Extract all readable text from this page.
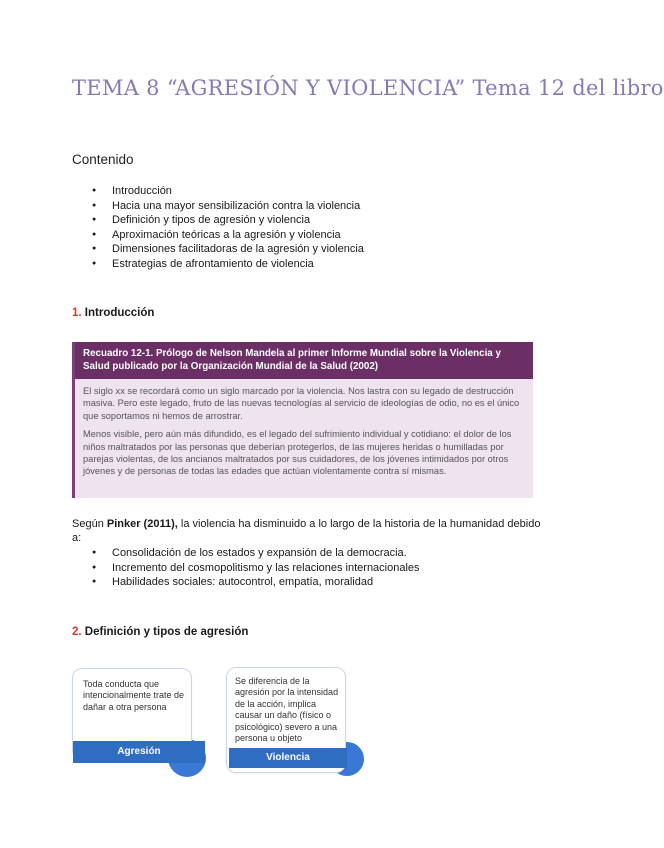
TEMA 8 “AGRESIÓN Y VIOLENCIA” Tema 12 del libro
Contenido
● Introducción
● Hacia una mayor sensibilización contra la violencia
● Definición y tipos de agresión y violencia
● Aproximación teóricas a la agresión y violencia
● Dimensiones facilitadoras de la agresión y violencia
● Estrategias de afrontamiento de violencia
1. Introducción
Recuadro 12-1. Prólogo de Nelson Mandela al primer Informe Mundial sobre la Violencia y Salud publicado por la Organización Mundial de la Salud (2002)

El siglo xx se recordará como un siglo marcado por la violencia. Nos lastra con su legado de destrucción masiva. Pero este legado, fruto de las nuevas tecnologías al servicio de ideologías de odio, no es el único que soportamos ni hemos de arrostrar.

Menos visible, pero aún más difundido, es el legado del sufrimiento individual y cotidiano: el dolor de los niños maltratados por las personas que deberían protegerlos, de las mujeres heridas o humilladas por parejas violentas, de los ancianos maltratados por sus cuidadores, de los jóvenes intimidados por otros jóvenes y de personas de todas las edades que actúan violentamente contra sí mismas.

Según Pinker (2011), la violencia ha disminuido a lo largo de la historia de la humanidad debido a:

● Consolidación de los estados y expansión de la democracia.
● Incremento del cosmopolitismo y las relaciones internacionales
● Habilidades sociales: autocontrol, empatía, moralidad
2. Definición y tipos de agresión
Toda conducta que intencionalmente trate de dañar a otra persona
Agresión
Se diferencia de la agresión por la intensidad de la acción, implica causar un daño (físico o psicológico) severo a una persona u objeto
Violencia
